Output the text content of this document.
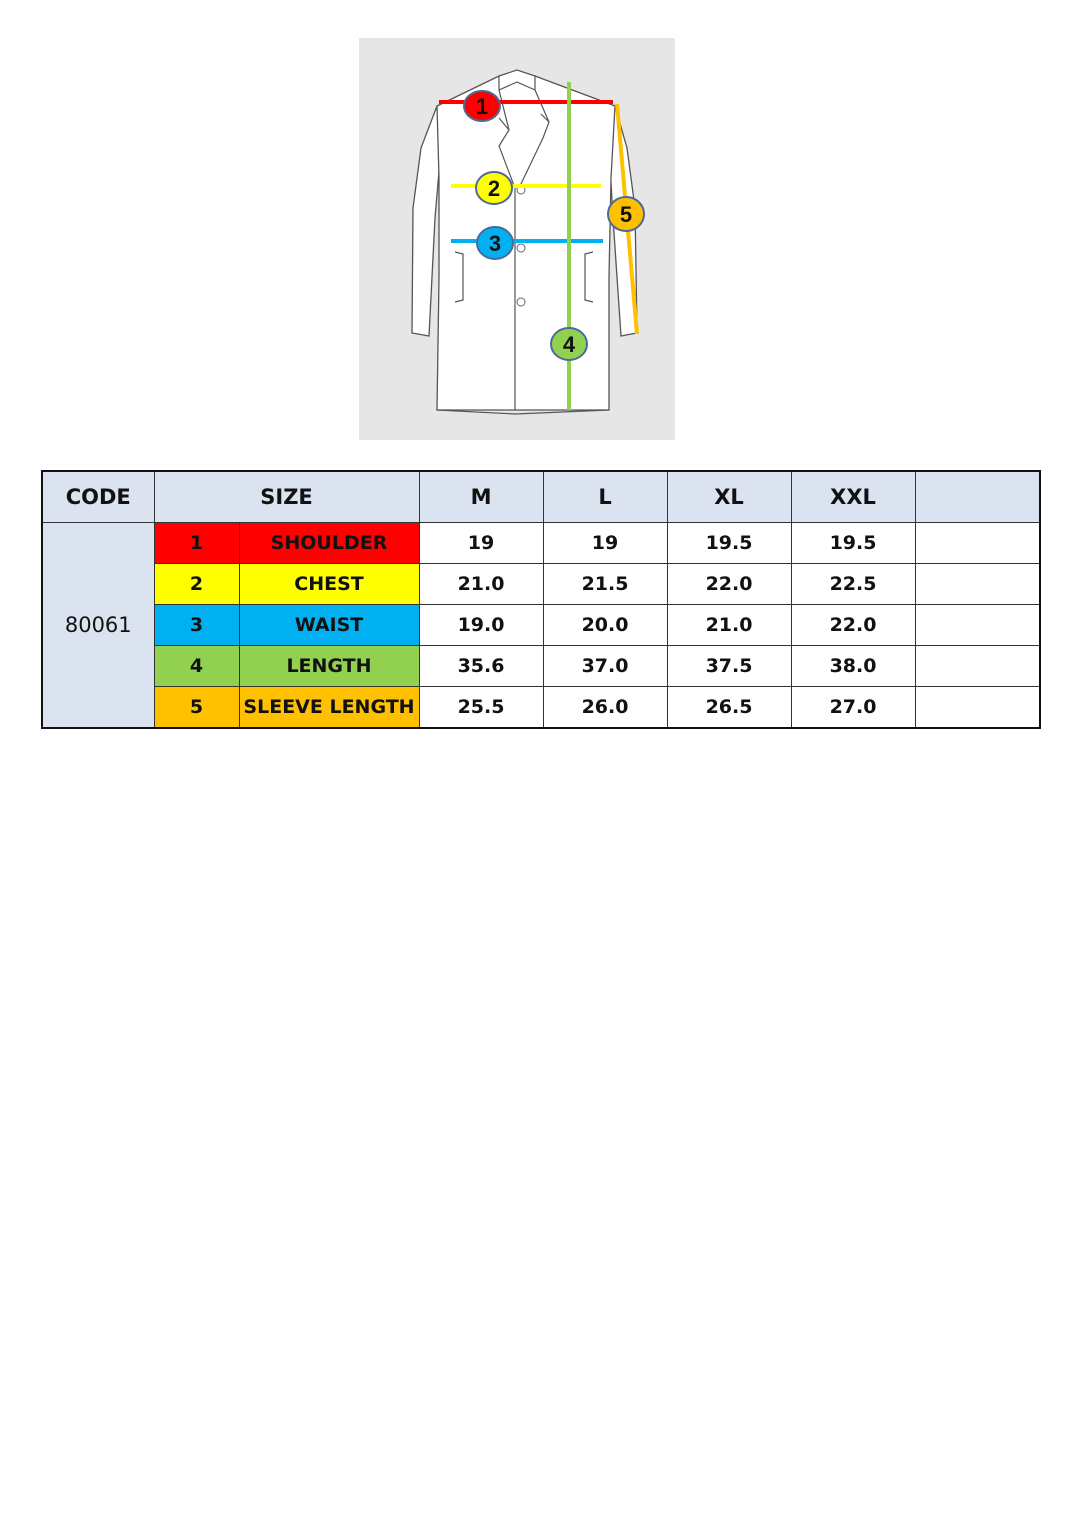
1
2
3
4
5
CODE	SIZE		M	L	XL	XXL	
80061	1	SHOULDER	19	19	19.5	19.5	
	2	CHEST	21.0	21.5	22.0	22.5	
	3	WAIST	19.0	20.0	21.0	22.0	
	4	LENGTH	35.6	37.0	37.5	38.0	
	5	SLEEVE LENGTH	25.5	26.0	26.5	27.0	
